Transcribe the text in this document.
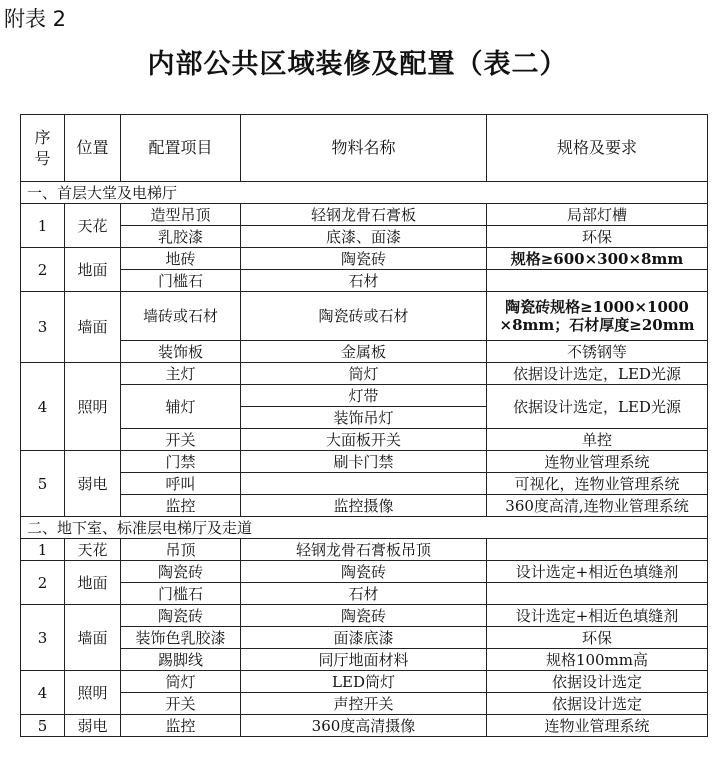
附表 2
内部公共区域装修及配置（表二）
序
号	位置	配置项目	物料名称	规格及要求
一、首层大堂及电梯厅				
1	天花	造型吊顶	轻钢龙骨石膏板	局部灯槽
		乳胶漆	底漆、面漆	环保
2	地面	地砖	陶瓷砖	规格≥600×300×8mm
		门槛石	石材	
3	墙面	墙砖或石材	陶瓷砖或石材	陶瓷砖规格≥1000×1000
×8mm；石材厚度≥20mm

		装饰板	金属板	不锈钢等
4	照明	主灯	筒灯	依据设计选定，LED光源
		辅灯	灯带	依据设计选定，LED光源
			装饰吊灯	
		开关	大面板开关	单控
5	弱电	门禁	刷卡门禁	连物业管理系统
		呼叫		可视化，连物业管理系统
		监控	监控摄像	360度高清,连物业管理系统
二、地下室、标准层电梯厅及走道				
1	天花	吊顶	轻钢龙骨石膏板吊顶	
2	地面	陶瓷砖	陶瓷砖	设计选定+相近色填缝剂
		门槛石	石材	
3	墙面	陶瓷砖	陶瓷砖	设计选定+相近色填缝剂
		装饰色乳胶漆	面漆底漆	环保
		踢脚线	同厅地面材料	规格100mm高
4	照明	筒灯	LED筒灯	依据设计选定
		开关	声控开关	依据设计选定
5	弱电	监控	360度高清摄像	连物业管理系统
